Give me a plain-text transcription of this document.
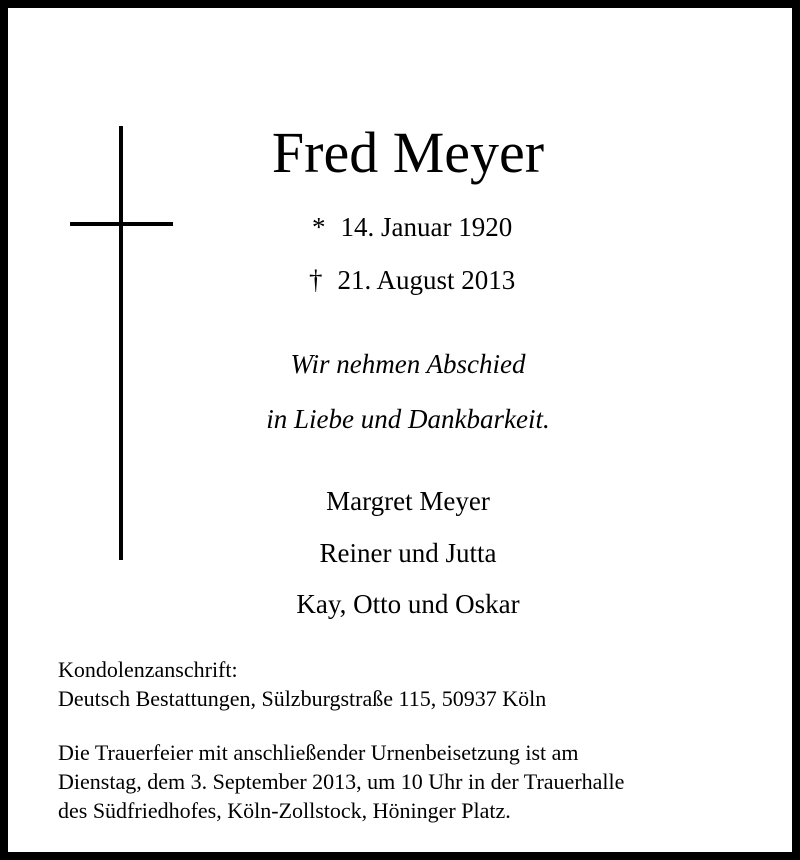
Fred Meyer
* 14. Januar 1920
† 21. August 2013
Wir nehmen Abschied
in Liebe und Dankbarkeit.
Margret Meyer
Reiner und Jutta
Kay, Otto und Oskar
Kondolenzanschrift:
Deutsch Bestattungen, Sülzburgstraße 115, 50937 Köln
Die Trauerfeier mit anschließender Urnenbeisetzung ist am
Dienstag, dem 3. September 2013, um 10 Uhr in der Trauerhalle
des Südfriedhofes, Köln-Zollstock, Höninger Platz.
